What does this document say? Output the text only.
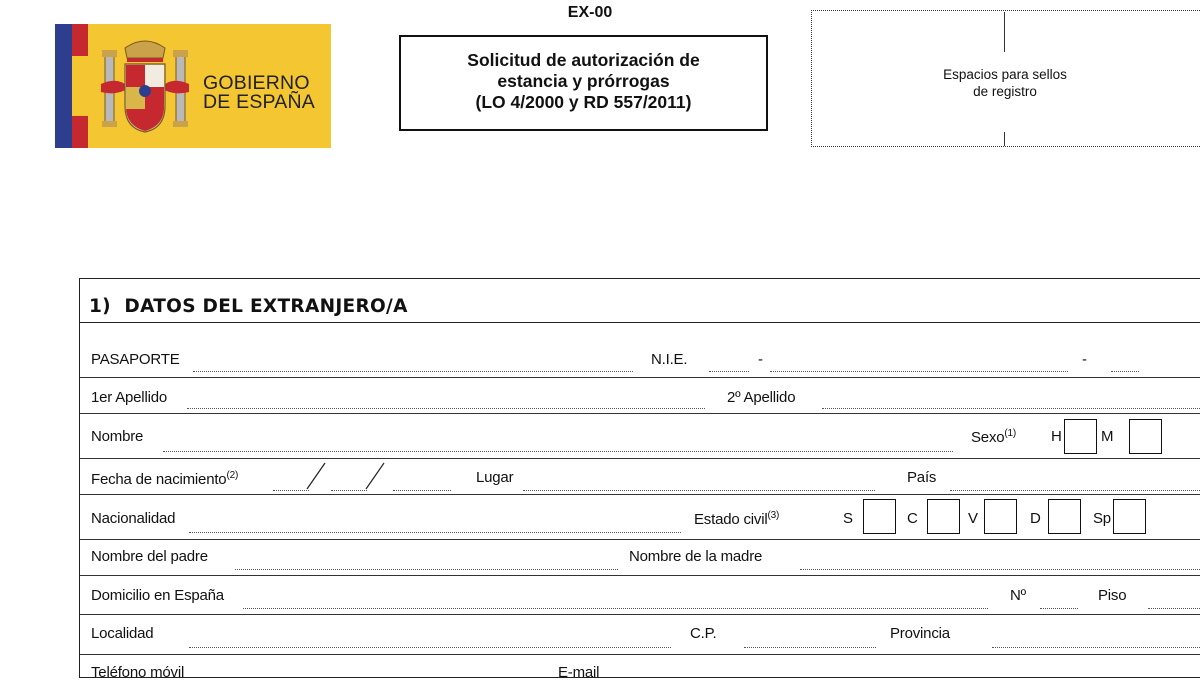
GOBIERNO
DE ESPAÑA
EX-00
Solicitud de autorización de
estancia y prórrogas
(LO 4/2000 y RD 557/2011)
Espacios para sellos
de registro
1)  DATOS DEL EXTRANJERO/A
PASAPORTE	N.I.E.	-	-
1er Apellido	2º Apellido
Nombre	Sexo$^{(1)}$ H	M
Fecha de nacimiento$^{(2)}$	Lugar	País
Nacionalidad	Estado civil$^{(3)}$	S	C	V	D	Sp
Nombre del padre	Nombre de la madre
Domicilio en España	Nº	Piso
Localidad	C.P.	Provincia
Teléfono móvil	E-mail
